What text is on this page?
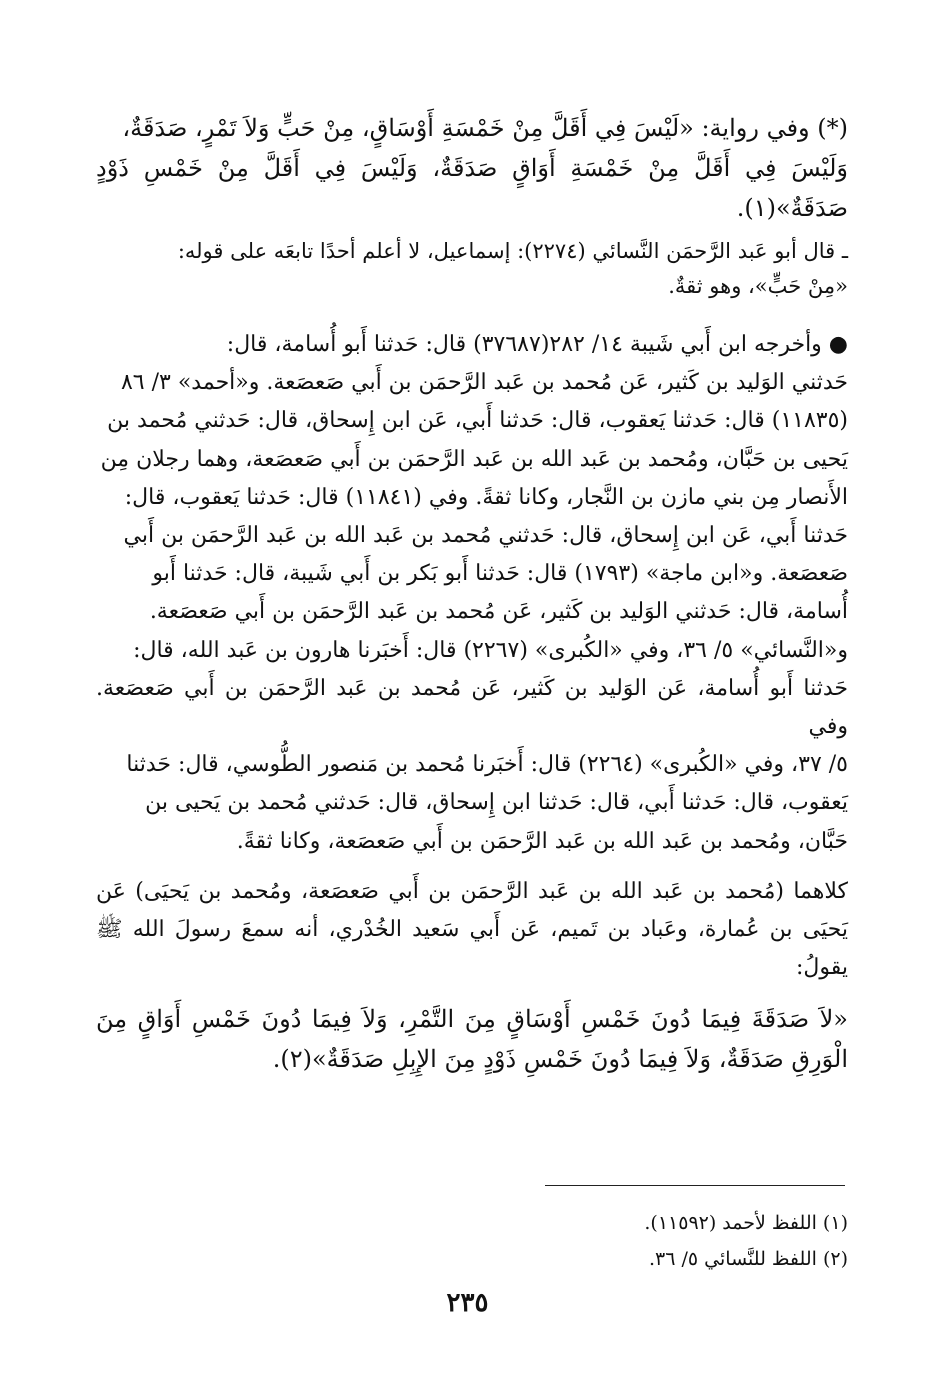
(*) وفي رواية: «لَيْسَ فِي أَقَلَّ مِنْ خَمْسَةِ أَوْسَاقٍ، مِنْ حَبٍّ وَلاَ تَمْرٍ، صَدَقَةٌ،
وَلَيْسَ فِي أَقَلَّ مِنْ خَمْسَةِ أَوَاقٍ صَدَقَةٌ، وَلَيْسَ فِي أَقَلَّ مِنْ خَمْسِ ذَوْدٍ صَدَقَةٌ»(١).

ـ قال أبو عَبد الرَّحمَن النَّسائي (٢٢٧٤): إسماعيل، لا أعلم أحدًا تابعَه على قوله:
«مِنْ حَبٍّ»، وهو ثقةٌ.

● وأخرجه ابن أَبي شَيبة ١٤/ ٢٨٢(٣٧٦٨٧) قال: حَدثنا أَبو أُسامة، قال:
حَدثني الوَليد بن كَثير، عَن مُحمد بن عَبد الرَّحمَن بن أَبي صَعصَعة. و«أحمد» ٣/ ٨٦
(١١٨٣٥) قال: حَدثنا يَعقوب، قال: حَدثنا أَبي، عَن ابن إِسحاق، قال: حَدثني مُحمد بن
يَحيى بن حَبَّان، ومُحمد بن عَبد الله بن عَبد الرَّحمَن بن أَبي صَعصَعة، وهما رجلان مِن
الأَنصار مِن بني مازن بن النَّجار، وكانا ثقةً. وفي (١١٨٤١) قال: حَدثنا يَعقوب، قال:
حَدثنا أَبي، عَن ابن إِسحاق، قال: حَدثني مُحمد بن عَبد الله بن عَبد الرَّحمَن بن أَبي
صَعصَعة. و«ابن ماجة» (١٧٩٣) قال: حَدثنا أَبو بَكر بن أَبي شَيبة، قال: حَدثنا أَبو
أُسامة، قال: حَدثني الوَليد بن كَثير، عَن مُحمد بن عَبد الرَّحمَن بن أَبي صَعصَعة.
و«النَّسائي» ٥/ ٣٦، وفي «الكُبرى» (٢٢٦٧) قال: أَخبَرنا هارون بن عَبد الله، قال:
حَدثنا أَبو أُسامة، عَن الوَليد بن كَثير، عَن مُحمد بن عَبد الرَّحمَن بن أَبي صَعصَعة. وفي
٥/ ٣٧، وفي «الكُبرى» (٢٢٦٤) قال: أَخبَرنا مُحمد بن مَنصور الطُّوسي، قال: حَدثنا
يَعقوب، قال: حَدثنا أَبي، قال: حَدثنا ابن إِسحاق، قال: حَدثني مُحمد بن يَحيى بن
حَبَّان، ومُحمد بن عَبد الله بن عَبد الرَّحمَن بن أَبي صَعصَعة، وكانا ثقةً.

كلاهما (مُحمد بن عَبد الله بن عَبد الرَّحمَن بن أَبي صَعصَعة، ومُحمد بن يَحيَى) عَن يَحيَى بن عُمارة، وعَباد بن تَميم، عَن أَبي سَعيد الخُدْري، أنه سمعَ رسولَ الله ﷺ يقولُ:

«لاَ صَدَقَةَ فِيمَا دُونَ خَمْسِ أَوْسَاقٍ مِنَ التَّمْرِ، وَلاَ فِيمَا دُونَ خَمْسِ أَوَاقٍ مِنَ الْوَرِقِ صَدَقَةٌ، وَلاَ فِيمَا دُونَ خَمْسِ ذَوْدٍ مِنَ الإِبِلِ صَدَقَةٌ»(٢).

(١) اللفظ لأحمد (١١٥٩٢).
(٢) اللفظ للنَّسائي ٥/ ٣٦.
٢٣٥
